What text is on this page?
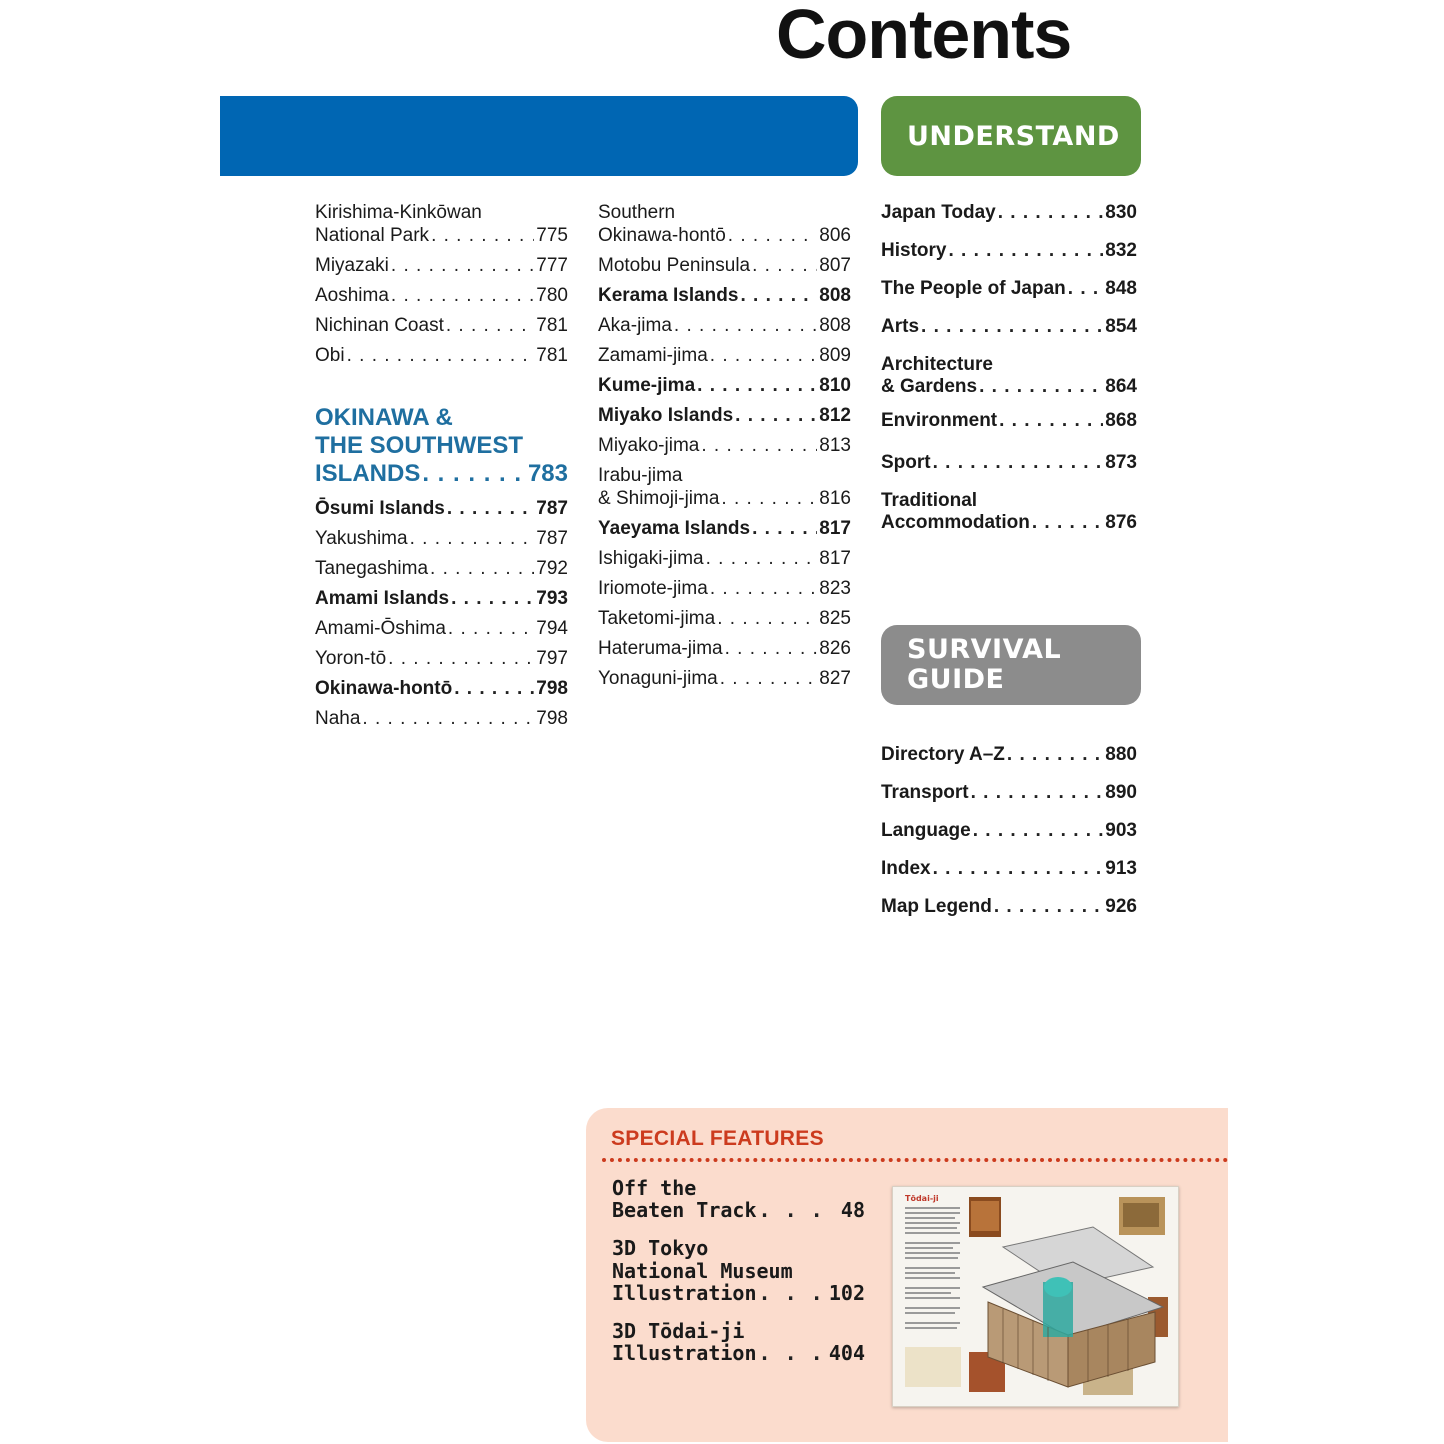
Contents
UNDERSTAND
Kirishima-Kinkōwan
National Park . . .	775
Miyazaki . . .	777
Aoshima . . .	780
Nichinan Coast . . .	781
Obi . . .	781
OKINAWA &
THE SOUTHWEST
ISLANDS . . .	783
Ōsumi Islands . . .	787
Yakushima . . .	787
Tanegashima . . .	792
Amami Islands . . .	793
Amami-Ōshima . . .	794
Yoron-tō . . .	797
Okinawa-hontō . . .	798
Naha . . .	798
Southern
Okinawa-hontō . . .	806
Motobu Peninsula . . .	807
Kerama Islands . . .	808
Aka-jima . . .	808
Zamami-jima . . .	809
Kume-jima . . .	810
Miyako Islands . . .	812
Miyako-jima . . .	813
Irabu-jima
& Shimoji-jima . . .	816
Yaeyama Islands . . .	817
Ishigaki-jima . . .	817
Iriomote-jima . . .	823
Taketomi-jima . . .	825
Hateruma-jima . . .	826
Yonaguni-jima . . .	827
Japan Today . . .	830
History . . .	832
The People of Japan . . . 848
Arts . . .	854
Architecture
& Gardens . . .	864
Environment . . .	868
Sport . . .	873
Traditional
Accommodation . . .	876
SURVIVAL
GUIDE
Directory A–Z . . .	880
Transport . . .	890
Language . . .	903
Index . . .	913
Map Legend . . .	926
SPECIAL FEATURES
Off the
Beaten Track . . .	48
3D Tokyo
National Museum
Illustration . . .	102
3D Tōdai-ji
Illustration . . .	404
Tōdai-ji
